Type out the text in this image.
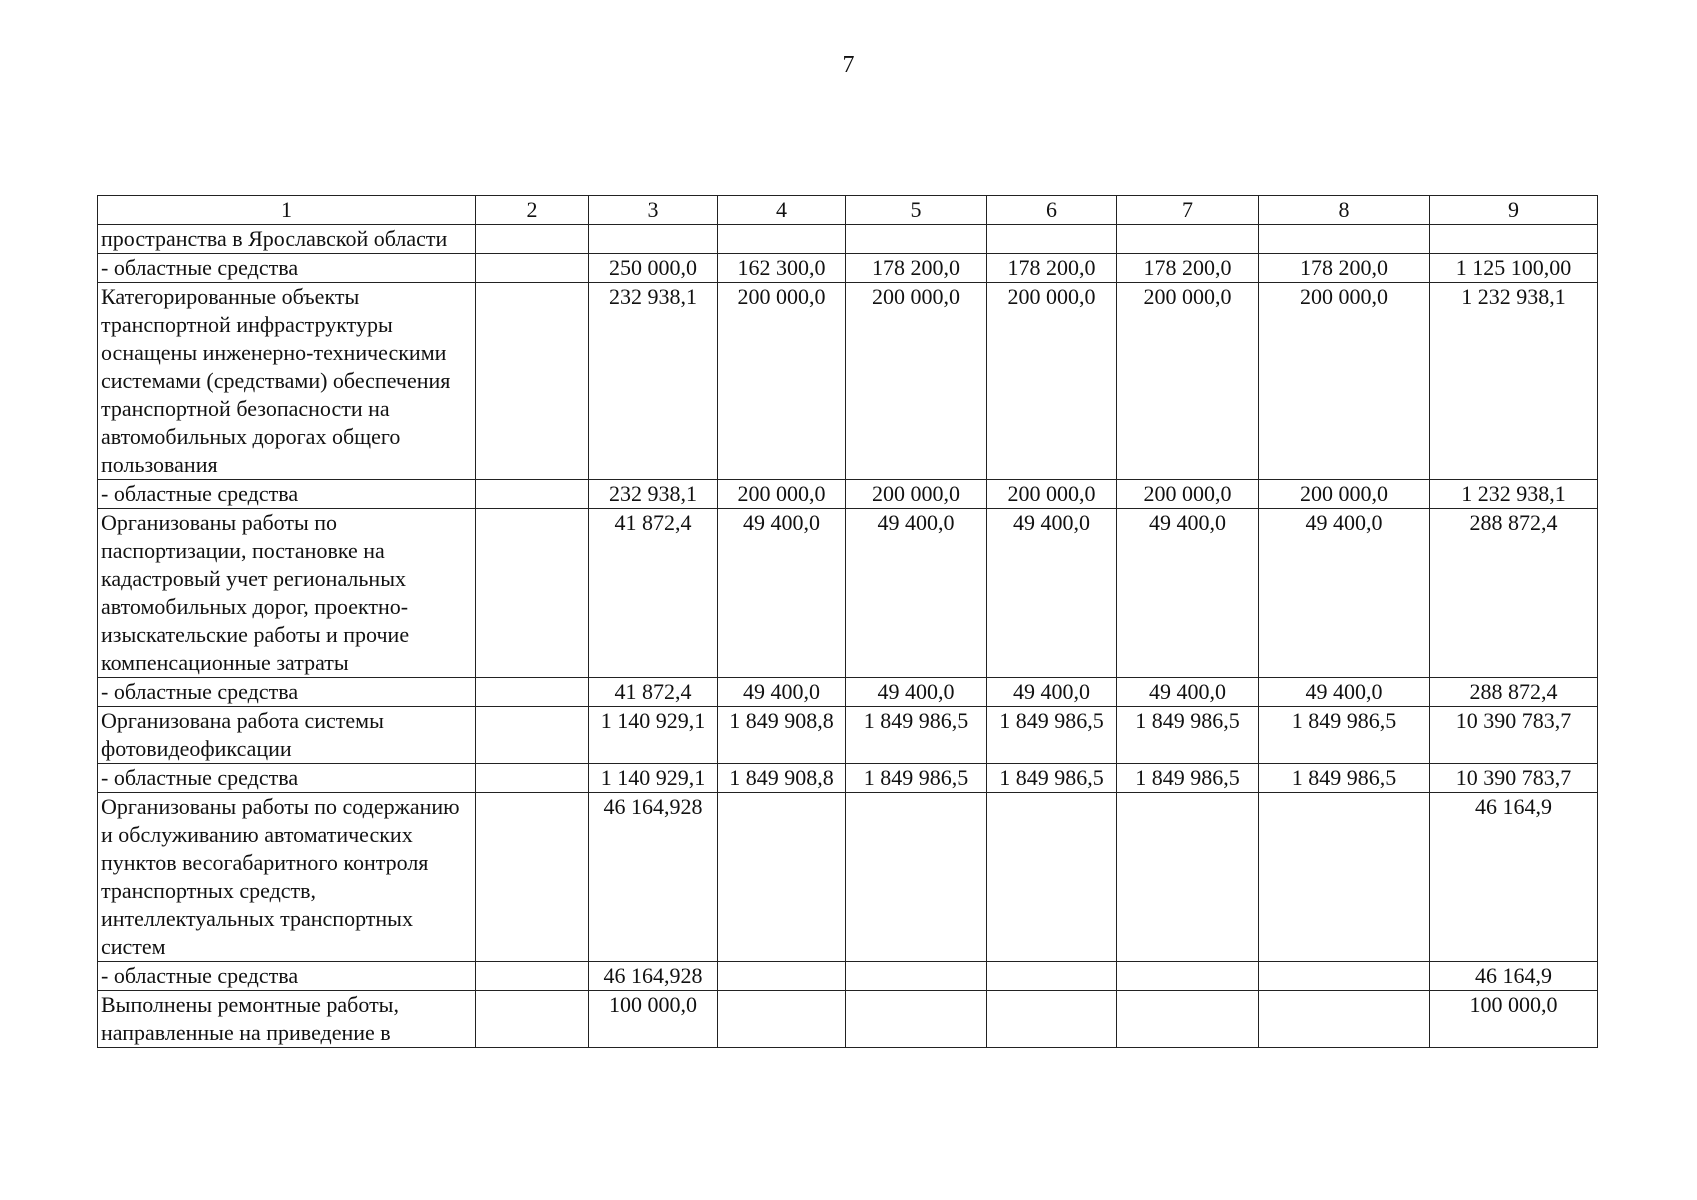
7
1	2	3	4	5	6	7	8	9
пространства в Ярославской области								
- областные средства		250 000,0	162 300,0	178 200,0	178 200,0	178 200,0	178 200,0	1 125 100,00
Категорированные объекты транспортной инфраструктуры оснащены инженерно-техническими системами (средствами) обеспечения транспортной безопасности на автомобильных дорогах общего пользования		232 938,1	200 000,0	200 000,0	200 000,0	200 000,0	200 000,0	1 232 938,1
- областные средства		232 938,1	200 000,0	200 000,0	200 000,0	200 000,0	200 000,0	1 232 938,1
Организованы работы по паспортизации, постановке на кадастровый учет региональных автомобильных дорог, проектно-изыскательские работы и прочие компенсационные затраты		41 872,4	49 400,0	49 400,0	49 400,0	49 400,0	49 400,0	288 872,4
- областные средства		41 872,4	49 400,0	49 400,0	49 400,0	49 400,0	49 400,0	288 872,4
Организована работа системы фотовидеофиксации		1 140 929,1	1 849 908,8	1 849 986,5	1 849 986,5	1 849 986,5	1 849 986,5	10 390 783,7
- областные средства		1 140 929,1	1 849 908,8	1 849 986,5	1 849 986,5	1 849 986,5	1 849 986,5	10 390 783,7
Организованы работы по содержанию и обслуживанию автоматических пунктов весогабаритного контроля транспортных средств, интеллектуальных транспортных систем		46 164,928						46 164,9
- областные средства		46 164,928						46 164,9
Выполнены ремонтные работы, направленные на приведение в		100 000,0						100 000,0
